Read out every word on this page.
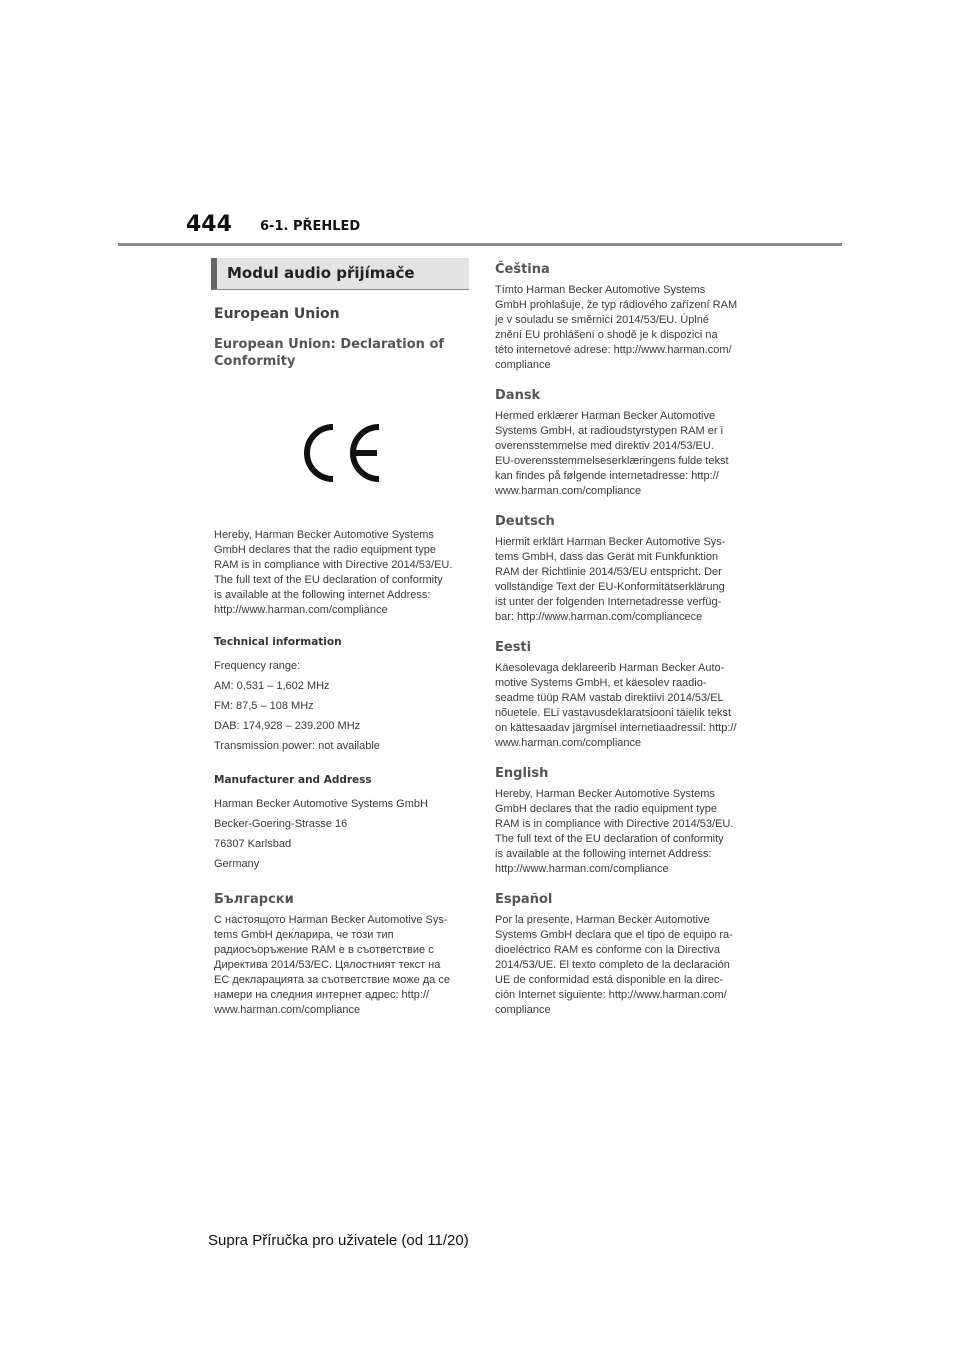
444 6-1. PŘEHLED
Modul audio přijímače
European Union
European Union: Declaration of
Conformity
Hereby, Harman Becker Automotive Systems
GmbH declares that the radio equipment type
RAM is in compliance with Directive 2014/53/EU.
The full text of the EU declaration of conformity
is available at the following internet Address:
http://www.harman.com/compliance
Technical information
Frequency range:
AM: 0,531 – 1,602 MHz
FM: 87,5 – 108 MHz
DAB: 174,928 – 239.200 MHz
Transmission power: not available
Manufacturer and Address
Harman Becker Automotive Systems GmbH
Becker-Goering-Strasse 16
76307 Karlsbad
Germany
Български
С настоящото Harman Becker Automotive Sys-
tems GmbH декларира, че този тип
радиосъоръжение RAM е в съответствие с
Директива 2014/53/ЕС. Цялостният текст на
ЕС декларацията за съответствие може да се
намери на следния интернет адрес: http://
www.harman.com/compliance
Čeština
Tímto Harman Becker Automotive Systems
GmbH prohlašuje, že typ rádiového zařízení RAM
je v souladu se směrnicí 2014/53/EU. Úplné
znění EU prohlášení o shodě je k dispozici na
této internetové adrese: http://www.harman.com/
compliance
Dansk
Hermed erklærer Harman Becker Automotive
Systems GmbH, at radioudstyrstypen RAM er i
overensstemmelse med direktiv 2014/53/EU.
EU-overensstemmelseserklæringens fulde tekst
kan findes på følgende internetadresse: http://
www.harman.com/compliance
Deutsch
Hiermit erklärt Harman Becker Automotive Sys-
tems GmbH, dass das Gerät mit Funkfunktion
RAM der Richtlinie 2014/53/EU entspricht. Der
vollständige Text der EU-Konformitätserklärung
ist unter der folgenden Internetadresse verfüg-
bar: http://www.harman.com/compliancece
Eesti
Käesolevaga deklareerib Harman Becker Auto-
motive Systems GmbH, et käesolev raadio-
seadme tüüp RAM vastab direktiivi 2014/53/EL
nõuetele. ELi vastavusdeklaratsiooni täielik tekst
on kättesaadav järgmisel internetiaadressil: http://
www.harman.com/compliance
English
Hereby, Harman Becker Automotive Systems
GmbH declares that the radio equipment type
RAM is in compliance with Directive 2014/53/EU.
The full text of the EU declaration of conformity
is available at the following internet Address:
http://www.harman.com/compliance
Español
Por la presente, Harman Becker Automotive
Systems GmbH declara que el tipo de equipo ra-
dioeléctrico RAM es conforme con la Directiva
2014/53/UE. El texto completo de la declaración
UE de conformidad está disponible en la direc-
ción Internet siguiente: http://www.harman.com/
compliance
Supra Příručka pro uživatele (od 11/20)
